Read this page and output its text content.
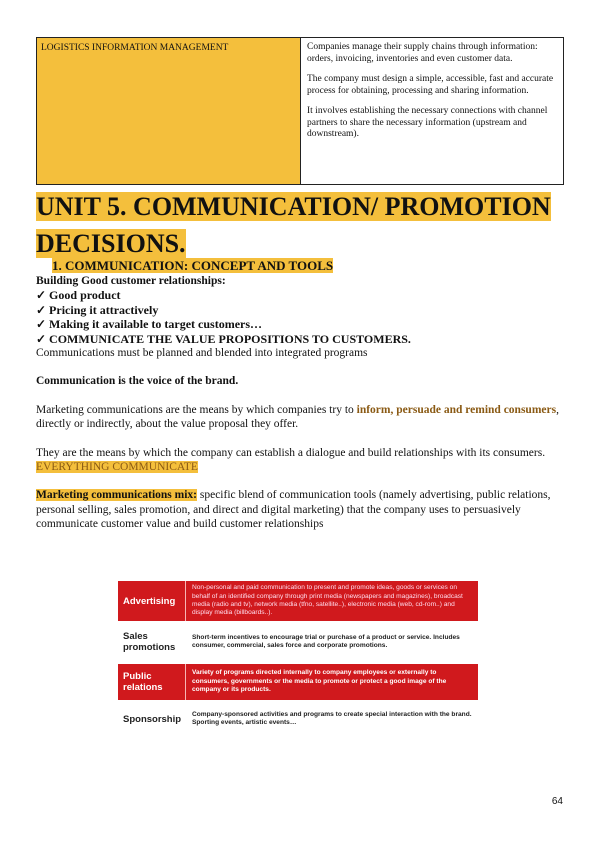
LOGISTICS INFORMATION MANAGEMENT	Companies manage their supply chains through information: orders, invoicing, inventories and even customer data.

The company must design a simple, accessible, fast and accurate process for obtaining, processing and sharing information.

It involves establishing the necessary connections with channel partners to share the necessary information (upstream and downstream).

UNIT 5. COMMUNICATION/ PROMOTION DECISIONS.

1. COMMUNICATION: CONCEPT AND TOOLS

Building Good customer relationships:

✓ Good product

✓ Pricing it attractively

✓ Making it available to target customers…

✓ COMMUNICATE THE VALUE PROPOSITIONS TO CUSTOMERS.

Communications must be planned and blended into integrated programs

Communication is the voice of the brand.

Marketing communications are the means by which companies try to inform, persuade and remind consumers, directly or indirectly, about the value proposal they offer.

They are the means by which the company can establish a dialogue and build relationships with its consumers.

EVERYTHING COMMUNICATE

Marketing communications mix: specific blend of communication tools (namely advertising, public relations, personal selling, sales promotion, and direct and digital marketing) that the company uses to persuasively communicate customer value and build customer relationships

Advertising
Non-personal and paid communication to present and promote ideas, goods or services on behalf of an identified company through print media (newspapers and magazines), broadcast media (radio and tv), network media (tfno, satellite..), electronic media (web, cd-rom..) and display media (billboards..).
Sales promotions
Short-term incentives to encourage trial or purchase of a product or service. Includes consumer, commercial, sales force and corporate promotions.
Public relations
Variety of programs directed internally to company employees or externally to consumers, governments or the media to promote or protect a good image of the company or its products.
Sponsorship	Company-sponsored activities and programs to create special interaction with the brand. Sporting events, artistic events…
64
